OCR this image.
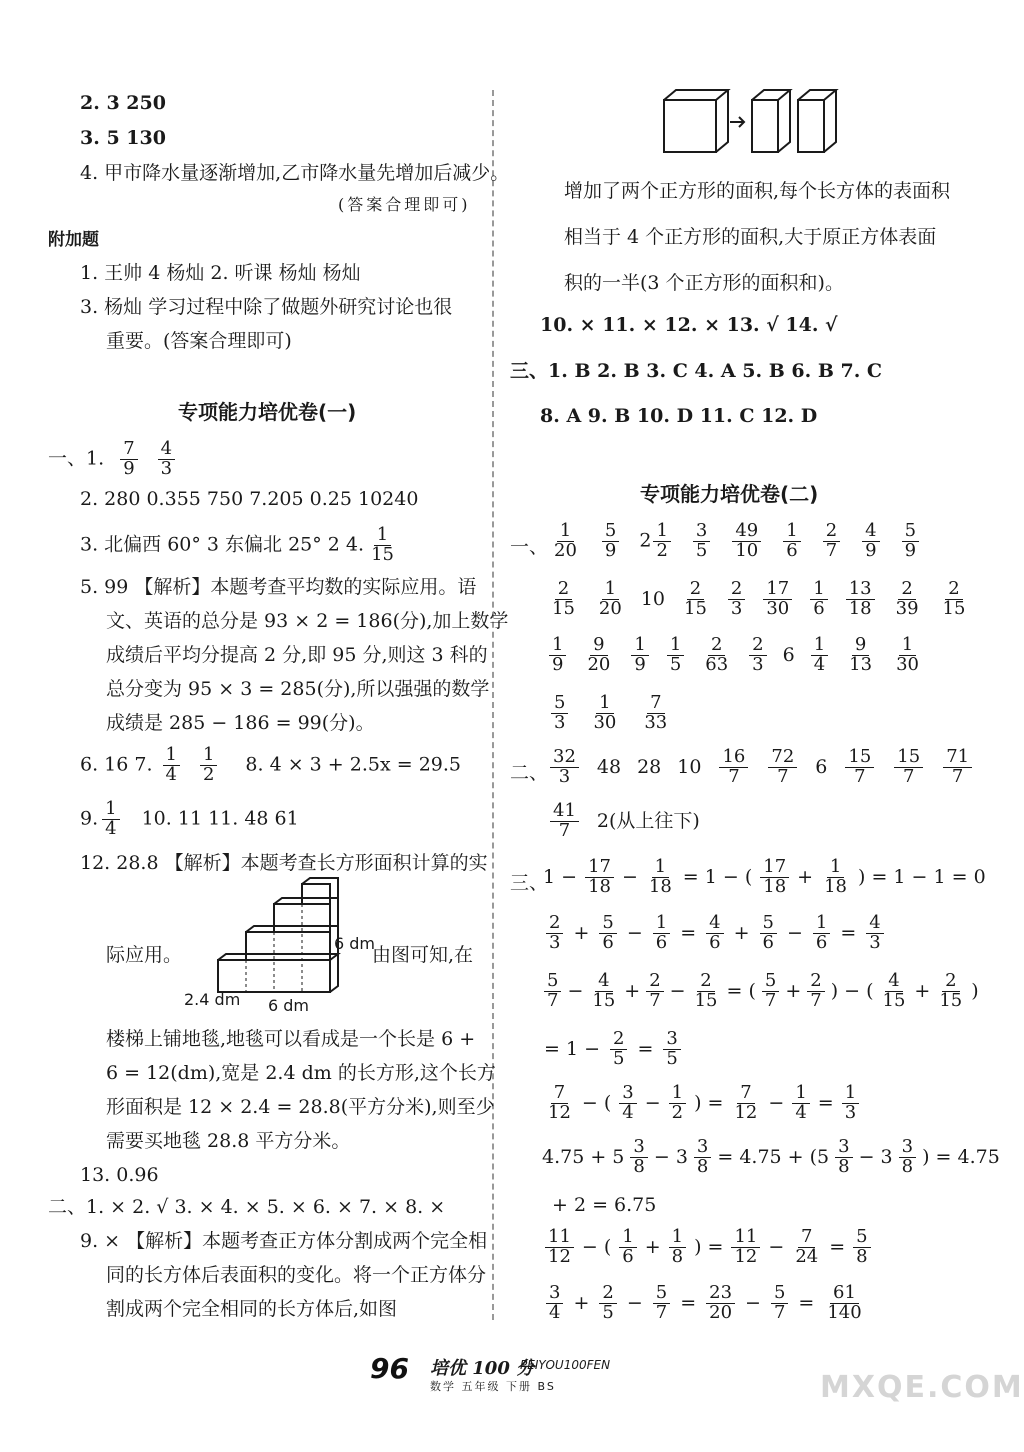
2. 3 250
3. 5 130
4. 甲市降水量逐渐增加,乙市降水量先增加后减少。
(答案合理即可)
附加题
1. 王帅 4 杨灿 2. 听课 杨灿 杨灿
3. 杨灿 学习过程中除了做题外研究讨论也很
重要。(答案合理即可)
专项能力培优卷(一)
一、1. $\frac{7}{9} \frac{4}{3}$
2. 280 0.355 750 7.205 0.25 10240
3. 北偏西 60° 3 东偏北 25° 2 4. $\frac{1}{15}$
5. 99 【解析】本题考查平均数的实际应用。语
文、英语的总分是 93 × 2 = 186(分),加上数学
成绩后平均分提高 2 分,即 95 分,则这 3 科的
总分变为 95 × 3 = 285(分),所以强强的数学
成绩是 285 − 186 = 99(分)。
6. 16 7. $\frac{1}{4} \frac{1}{2} 8$. 4 × 3 + 2.5x = 29.5
9. $\frac{1}{4} 10$. 11 11. 48 61
12. 28.8 【解析】本题考查长方形面积计算的实
际应用。
6 dm
由图可知,在
2.4 dm 6 dm
楼梯上铺地毯,地毯可以看成是一个长是 6 +
6 = 12(dm),宽是 2.4 dm 的长方形,这个长方
形面积是 12 × 2.4 = 28.8(平方分米),则至少
需要买地毯 28.8 平方分米。
13. 0.96
二、1. × 2. √ 3. × 4. × 5. × 6. × 7. × 8. ×
9. × 【解析】本题考查正方体分割成两个完全相
同的长方体后表面积的变化。将一个正方体分
割成两个完全相同的长方体后,如图
增加了两个正方形的面积,每个长方体的表面积
相当于 4 个正方形的面积,大于原正方体表面
积的一半(3 个正方形的面积和)。
10. × 11. × 12. × 13. √ 14. √
三、1. B 2. B 3. C 4. A 5. B 6. B 7. C
8. A 9. B 10. D 11. C 12. D
专项能力培优卷(二)
一、 $\frac{1}{20} \frac{5}{9} 2 \frac{1}{2} \frac{3}{5} \frac{49}{10} \frac{1}{6} \frac{2}{7} \frac{4}{9} \frac{5}{9}$
$\frac{2}{15} \frac{1}{20} 10 \frac{2}{15} \frac{2}{3} \frac{17}{30} \frac{1}{6} \frac{13}{18} \frac{2}{39} \frac{2}{15}$
$\frac{1}{9} \frac{9}{20} \frac{1}{9} \frac{1}{5} \frac{2}{63} \frac{2}{3} 6 \frac{1}{4} \frac{9}{13} \frac{1}{30}$
$\frac{5}{3} \frac{1}{30} \frac{7}{33}$
二、 $\frac{32}{3} 48$ 28 $10 \frac{16}{7} \frac{72}{7} 6 \frac{15}{7} \frac{15}{7} \frac{71}{7}$
$\frac{41}{7} 2$(从上往下)
三、
$1 - \frac{17}{18} - \frac{1}{18} = 1$ − ( $\frac{17}{18} + \frac{1}{18}$ ) = 1 − 1 = 0
$\frac{2}{3} + \frac{5}{6} - \frac{1}{6} = \frac{4}{6} + \frac{5}{6} - \frac{1}{6} = \frac{4}{3}$
$\frac{5}{7} - \frac{4}{15} + \frac{2}{7} - \frac{2}{15}$ = ( $\frac{5}{7} + \frac{2}{7}$ ) − ( $\frac{4}{15} + \frac{2}{15}$ )
= $1 - \frac{2}{5} = \frac{3}{5}$
$\frac{7}{12}$ − ( $\frac{3}{4} - \frac{1}{2}$ ) = $\frac{7}{12} - \frac{1}{4} = \frac{1}{3}$
$4.75 + 5 \frac{3}{8} - 3 \frac{3}{8} = 4.75 + (5 \frac{3}{8} - 3 \frac{3}{8}$ ) = 4.75
+ 2 = 6.75
$\frac{11}{12}$ − ( $\frac{1}{6} + \frac{1}{8}$ ) = $\frac{11}{12} - \frac{7}{24} = \frac{5}{8}$
$\frac{3}{4} + \frac{2}{5} - \frac{5}{7} = \frac{23}{20} - \frac{5}{7} = \frac{61}{140}$
96 培优 100 分
PEIYOU100FEN
数学 五年级 下册 BS	MXQE.COM
